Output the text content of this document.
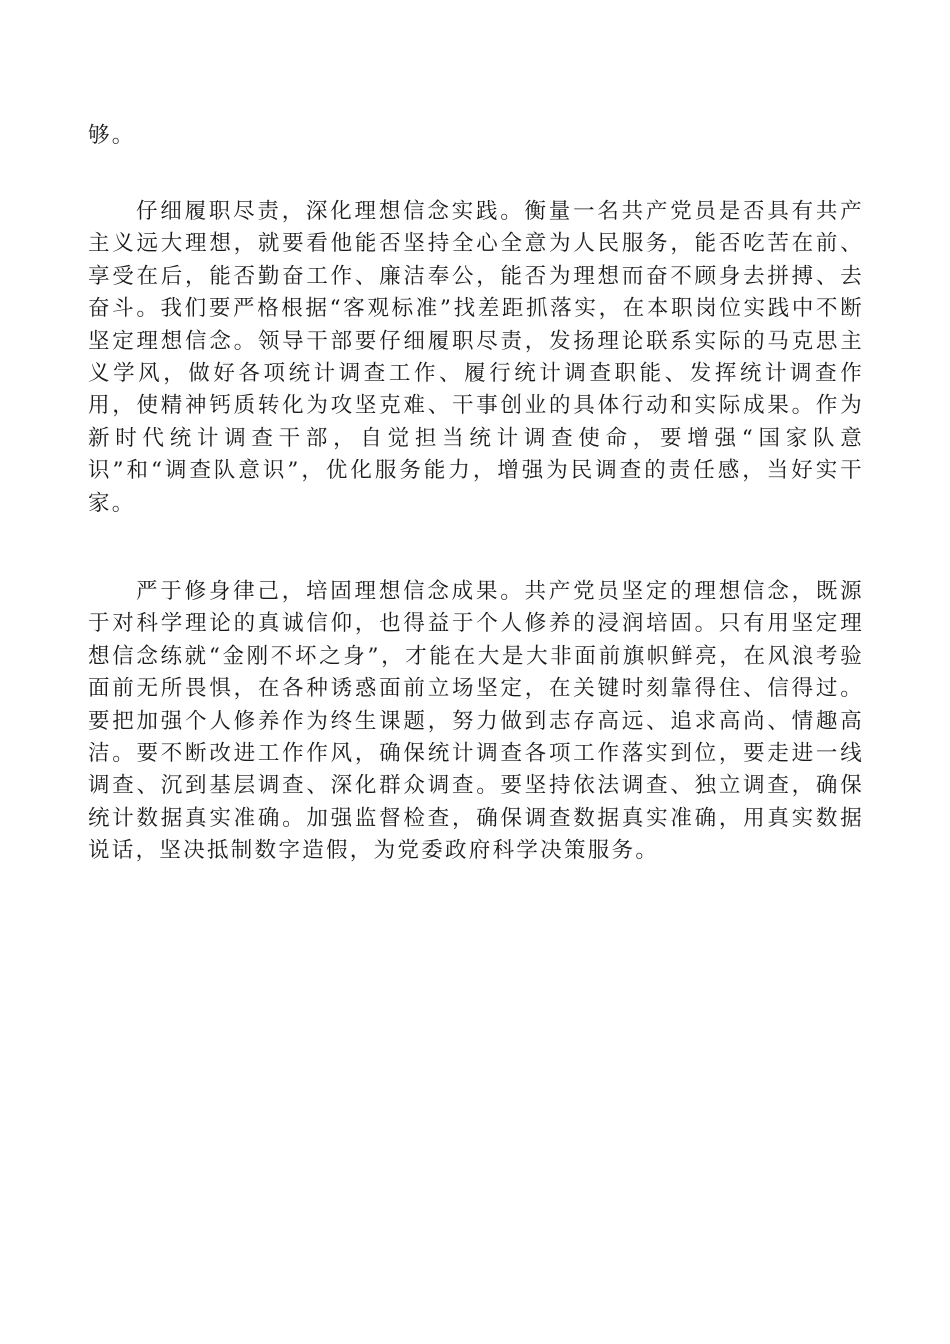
够。

仔细履职尽责，深化理想信念实践。衡量一名共产党员是否具有共产主义远大理想，就要看他能否坚持全心全意为人民服务，能否吃苦在前、享受在后，能否勤奋工作、廉洁奉公，能否为理想而奋不顾身去拼搏、去奋斗。我们要严格根据“客观标准”找差距抓落实，在本职岗位实践中不断坚定理想信念。领导干部要仔细履职尽责，发扬理论联系实际的马克思主义学风，做好各项统计调查工作、履行统计调查职能、发挥统计调查作用，使精神钙质转化为攻坚克难、干事创业的具体行动和实际成果。作为新时代统计调查干部，自觉担当统计调查使命，要增强“国家队意识”和“调查队意识”，优化服务能力，增强为民调查的责任感，当好实干家。

严于修身律己，培固理想信念成果。共产党员坚定的理想信念，既源于对科学理论的真诚信仰，也得益于个人修养的浸润培固。只有用坚定理想信念练就“金刚不坏之身”，才能在大是大非面前旗帜鲜亮，在风浪考验面前无所畏惧，在各种诱惑面前立场坚定，在关键时刻靠得住、信得过。要把加强个人修养作为终生课题，努力做到志存高远、追求高尚、情趣高洁。要不断改进工作作风，确保统计调查各项工作落实到位，要走进一线调查、沉到基层调查、深化群众调查。要坚持依法调查、独立调查，确保统计数据真实准确。加强监督检查，确保调查数据真实准确，用真实数据说话，坚决抵制数字造假，为党委政府科学决策服务。
